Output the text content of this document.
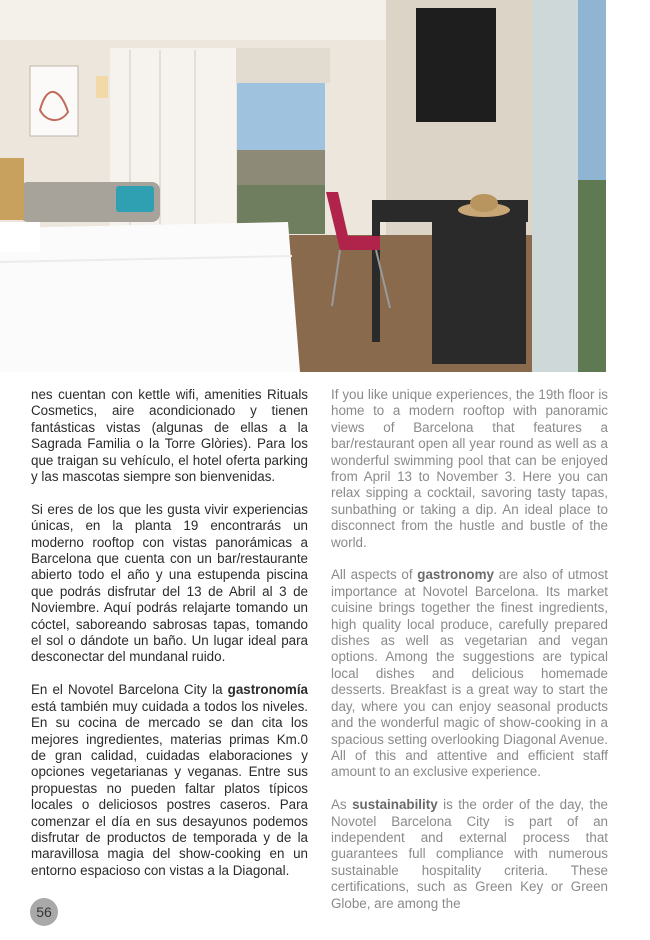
nes cuentan con kettle wifi, amenities Rituals Cosmetics, aire acondicionado y tienen fantásticas vistas (algunas de ellas a la Sagrada Familia o la Torre Glòries). Para los que traigan su vehículo, el hotel oferta parking y las mascotas siempre son bienvenidas.

Si eres de los que les gusta vivir experiencias únicas, en la planta 19 encontrarás un moderno rooftop con vistas panorámicas a Barcelona que cuenta con un bar/restaurante abierto todo el año y una estupenda piscina que podrás disfrutar del 13 de Abril al 3 de Noviembre. Aquí podrás relajarte tomando un cóctel, saboreando sabrosas tapas, tomando el sol o dándote un baño. Un lugar ideal para desconectar del mundanal ruido.

En el Novotel Barcelona City la gastronomía está también muy cuidada a todos los niveles. En su cocina de mercado se dan cita los mejores ingredientes, materias primas Km.0 de gran calidad, cuidadas elaboraciones y opciones vegetarianas y veganas. Entre sus propuestas no pueden faltar platos típicos locales o deliciosos postres caseros. Para comenzar el día en sus desayunos podemos disfrutar de productos de temporada y de la maravillosa magia del show-cooking en un entorno espacioso con vistas a la Diagonal.

If you like unique experiences, the 19th floor is home to a modern rooftop with panoramic views of Barcelona that features a bar/restaurant open all year round as well as a wonderful swimming pool that can be enjoyed from April 13 to November 3. Here you can relax sipping a cocktail, savoring tasty tapas, sunbathing or taking a dip. An ideal place to disconnect from the hustle and bustle of the world.

All aspects of gastronomy are also of utmost importance at Novotel Barcelona. Its market cuisine brings together the finest ingredients, high quality local produce, carefully prepared dishes as well as vegetarian and vegan options. Among the suggestions are typical local dishes and delicious homemade desserts. Breakfast is a great way to start the day, where you can enjoy seasonal products and the wonderful magic of show-cooking in a spacious setting overlooking Diagonal Avenue. All of this and attentive and efficient staff amount to an exclusive experience.

As sustainability is the order of the day, the Novotel Barcelona City is part of an independent and external process that guarantees full compliance with numerous sustainable hospitality criteria. These certifications, such as Green Key or Green Globe, are among the

56
